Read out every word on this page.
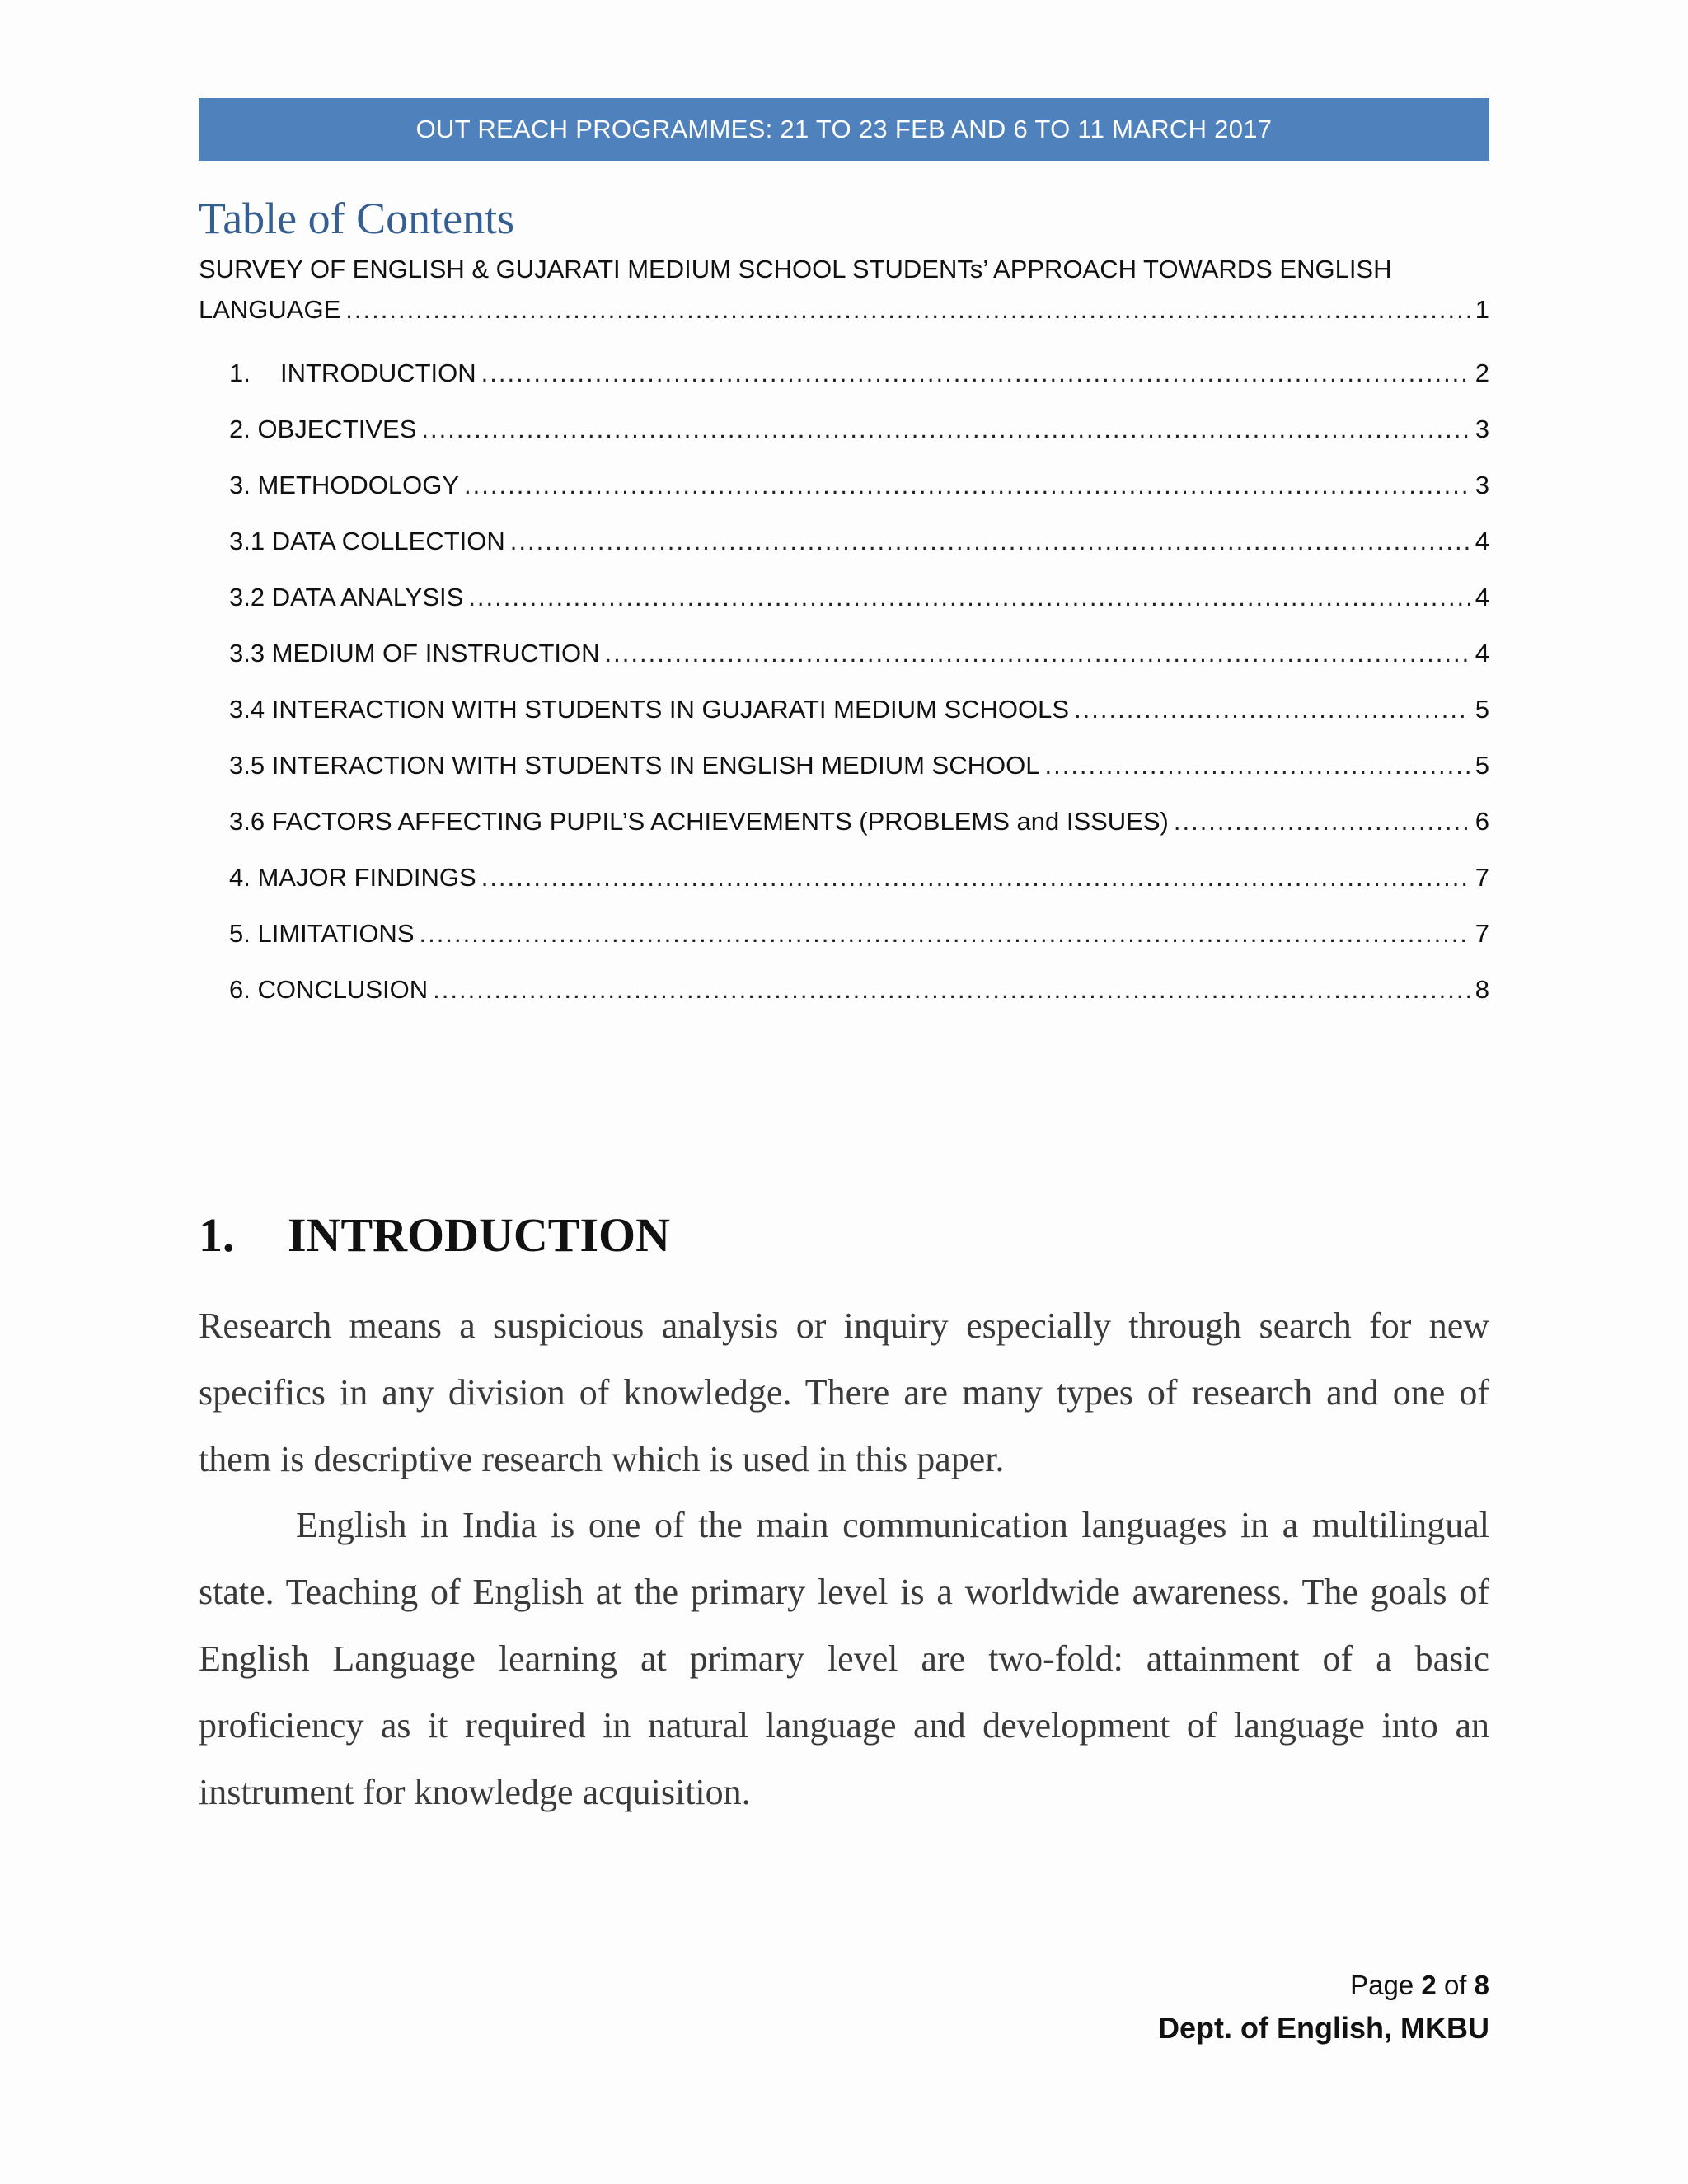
OUT REACH PROGRAMMES: 21 TO 23 FEB AND 6 TO 11 MARCH 2017
Table of Contents
SURVEY OF ENGLISH & GUJARATI MEDIUM SCHOOL STUDENTs’ APPROACH TOWARDS ENGLISH
LANGUAGE .....	1
1.	INTRODUCTION .....	2
2. OBJECTIVES .....	3
3. METHODOLOGY .....	3
3.1 DATA COLLECTION .....	4
3.2 DATA ANALYSIS .....	4
3.3 MEDIUM OF INSTRUCTION .....	4
3.4 INTERACTION WITH STUDENTS IN GUJARATI MEDIUM SCHOOLS .....	5
3.5 INTERACTION WITH STUDENTS IN ENGLISH MEDIUM SCHOOL .....	5
3.6 FACTORS AFFECTING PUPIL’S ACHIEVEMENTS (PROBLEMS and ISSUES) .....	6
4. MAJOR FINDINGS .....	7
5. LIMITATIONS .....	7
6. CONCLUSION .....	8
1.	INTRODUCTION
Research means a suspicious analysis or inquiry especially through search for new specifics in any division of knowledge. There are many types of research and one of them is descriptive research which is used in this paper.
English in India is one of the main communication languages in a multilingual state. Teaching of English at the primary level is a worldwide awareness. The goals of English Language learning at primary level are two-fold: attainment of a basic proficiency as it required in natural language and development of language into an instrument for knowledge acquisition.
Page 2 of 8
Dept. of English, MKBU
